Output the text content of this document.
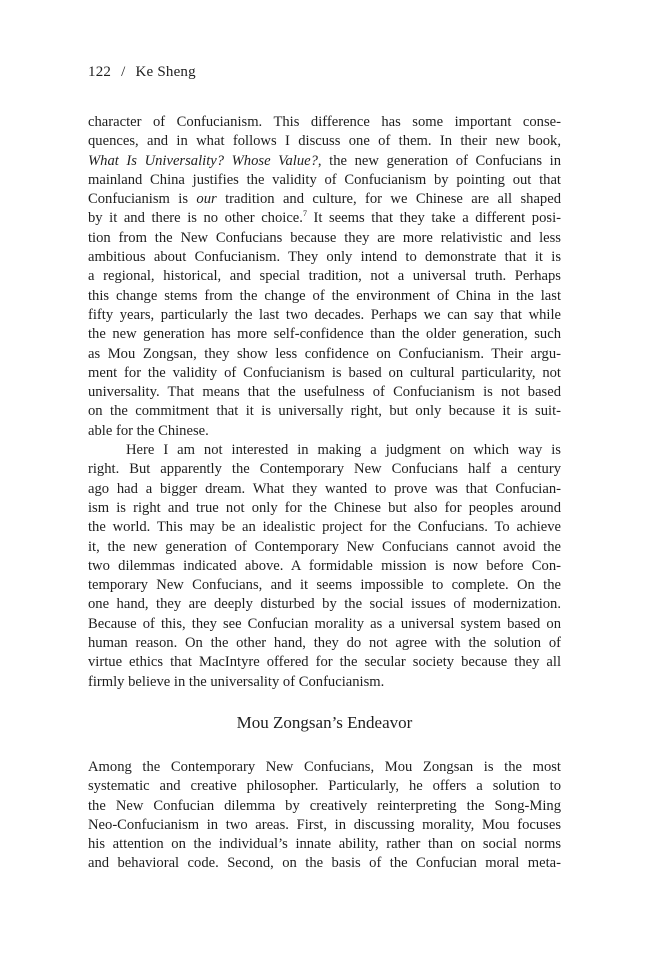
122 / Ke Sheng
character of Confucianism. This difference has some important conse-
quences, and in what follows I discuss one of them. In their new book,
What Is Universality? Whose Value?, the new generation of Confucians in
mainland China justifies the validity of Confucianism by pointing out that
Confucianism is our tradition and culture, for we Chinese are all shaped
by it and there is no other choice.$^7$ It seems that they take a different posi-
tion from the New Confucians because they are more relativistic and less
ambitious about Confucianism. They only intend to demonstrate that it is
a regional, historical, and special tradition, not a universal truth. Perhaps
this change stems from the change of the environment of China in the last
fifty years, particularly the last two decades. Perhaps we can say that while
the new generation has more self-confidence than the older generation, such
as Mou Zongsan, they show less confidence on Confucianism. Their argu-
ment for the validity of Confucianism is based on cultural particularity, not
universality. That means that the usefulness of Confucianism is not based
on the commitment that it is universally right, but only because it is suit-
able for the Chinese.
Here I am not interested in making a judgment on which way is
right. But apparently the Contemporary New Confucians half a century
ago had a bigger dream. What they wanted to prove was that Confucian-
ism is right and true not only for the Chinese but also for peoples around
the world. This may be an idealistic project for the Confucians. To achieve
it, the new generation of Contemporary New Confucians cannot avoid the
two dilemmas indicated above. A formidable mission is now before Con-
temporary New Confucians, and it seems impossible to complete. On the
one hand, they are deeply disturbed by the social issues of modernization.
Because of this, they see Confucian morality as a universal system based on
human reason. On the other hand, they do not agree with the solution of
virtue ethics that MacIntyre offered for the secular society because they all
firmly believe in the universality of Confucianism.
Mou Zongsan’s Endeavor
Among the Contemporary New Confucians, Mou Zongsan is the most
systematic and creative philosopher. Particularly, he offers a solution to
the New Confucian dilemma by creatively reinterpreting the Song-Ming
Neo-Confucianism in two areas. First, in discussing morality, Mou focuses
his attention on the individual’s innate ability, rather than on social norms
and behavioral code. Second, on the basis of the Confucian moral meta-
